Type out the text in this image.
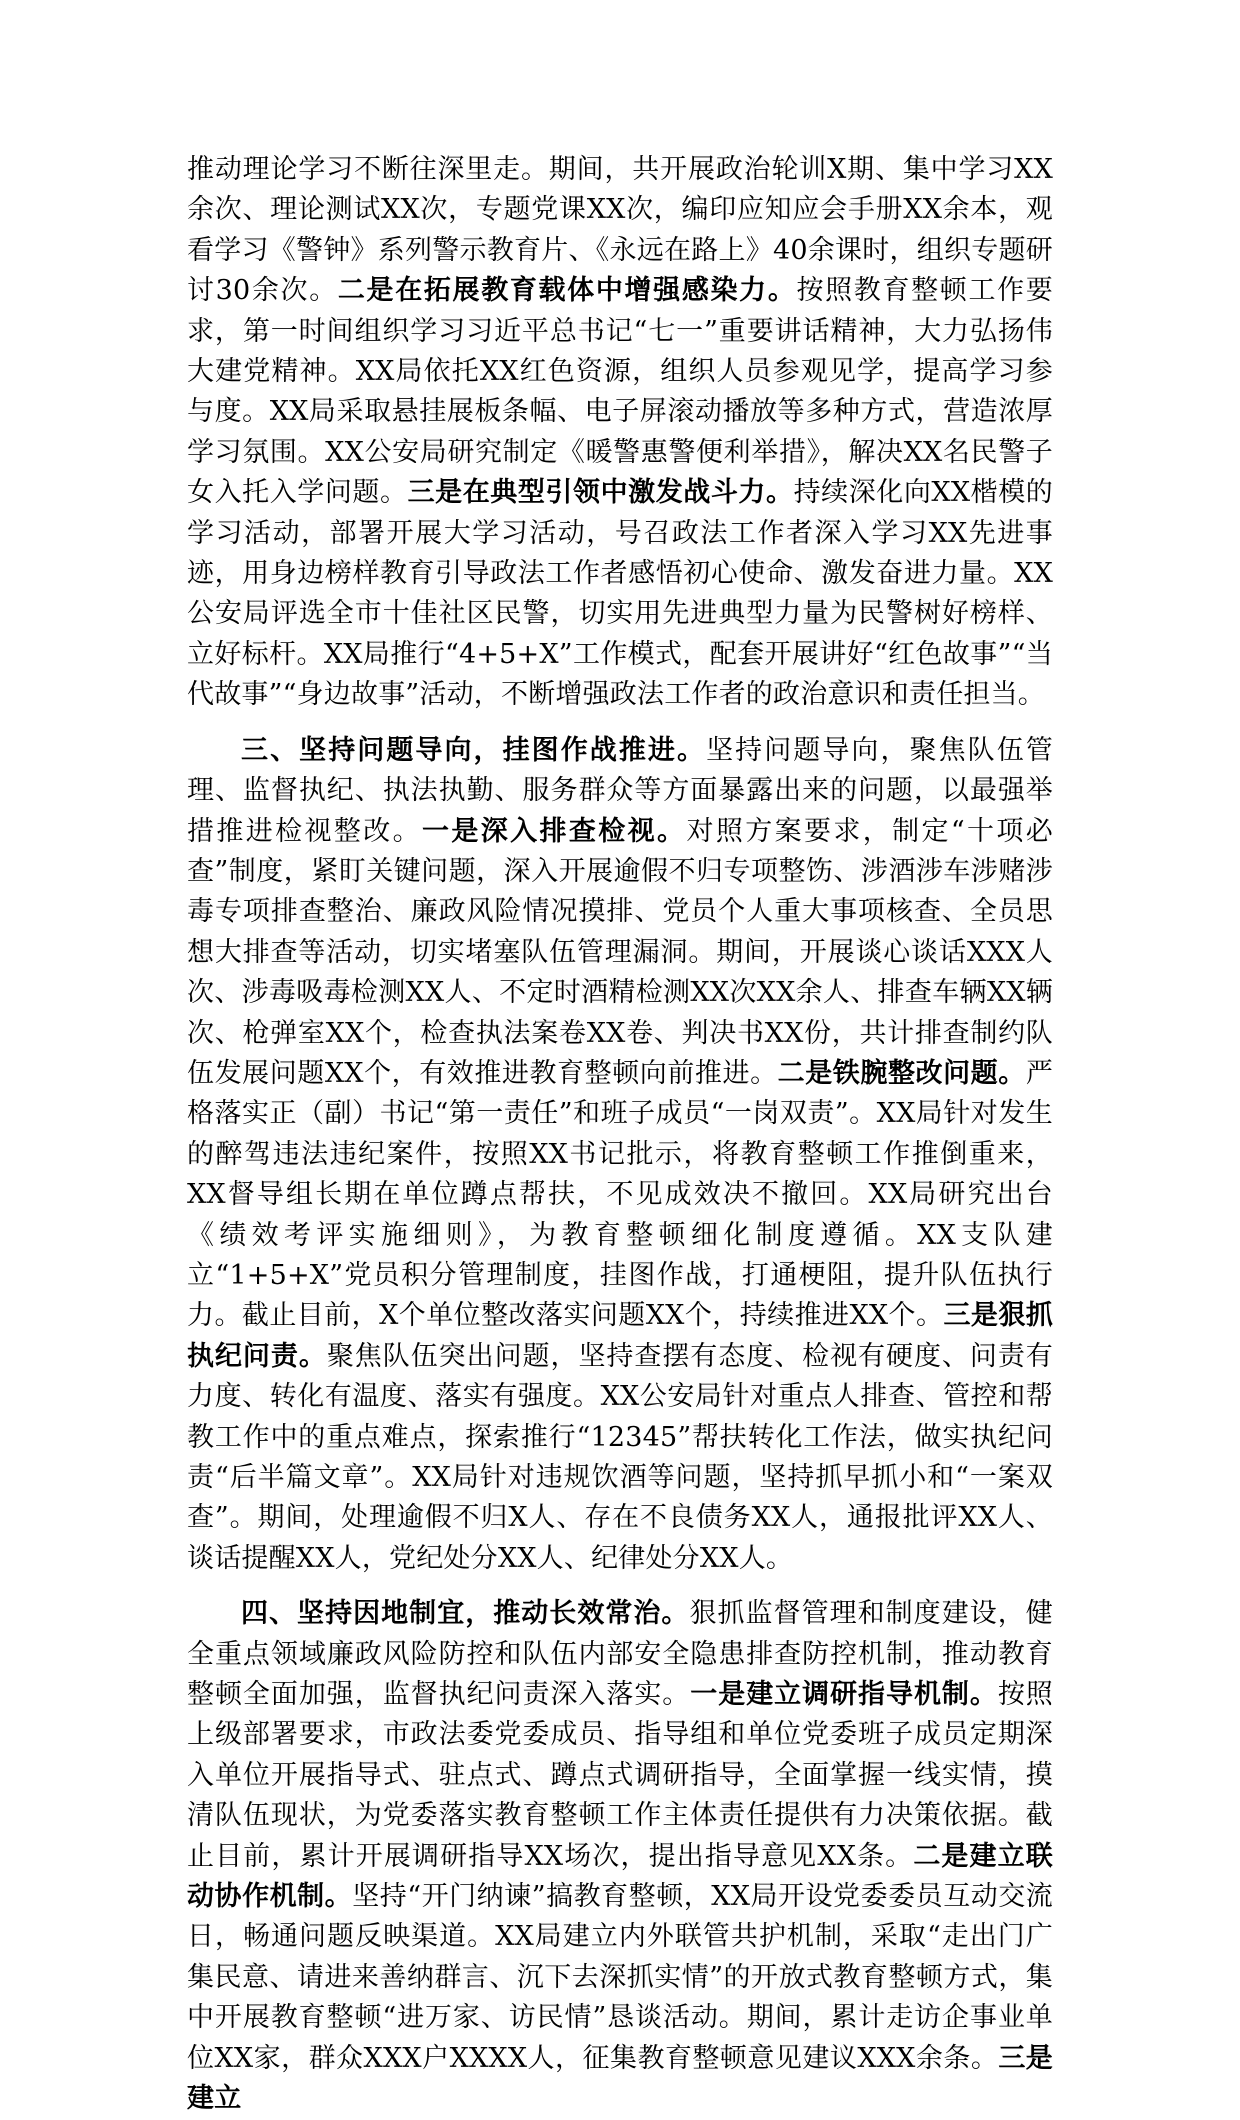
推动理论学习不断往深里走。期间，共开展政治轮训X期、集中学习XX余次、理论测试XX次，专题党课XX次，编印应知应会手册XX余本，观看学习《警钟》系列警示教育片、《永远在路上》40余课时，组织专题研讨30余次。二是在拓展教育载体中增强感染力。按照教育整顿工作要求，第一时间组织学习习近平总书记“七一”重要讲话精神，大力弘扬伟大建党精神。XX局依托XX红色资源，组织人员参观见学，提高学习参与度。XX局采取悬挂展板条幅、电子屏滚动播放等多种方式，营造浓厚学习氛围。XX公安局研究制定《暖警惠警便利举措》，解决XX名民警子女入托入学问题。三是在典型引领中激发战斗力。持续深化向XX楷模的学习活动，部署开展大学习活动，号召政法工作者深入学习XX先进事迹，用身边榜样教育引导政法工作者感悟初心使命、激发奋进力量。XX公安局评选全市十佳社区民警，切实用先进典型力量为民警树好榜样、立好标杆。XX局推行“4+5+X”工作模式，配套开展讲好“红色故事”“当代故事”“身边故事”活动，不断增强政法工作者的政治意识和责任担当。

三、坚持问题导向，挂图作战推进。坚持问题导向，聚焦队伍管理、监督执纪、执法执勤、服务群众等方面暴露出来的问题，以最强举措推进检视整改。一是深入排查检视。对照方案要求，制定“十项必查”制度，紧盯关键问题，深入开展逾假不归专项整饬、涉酒涉车涉赌涉毒专项排查整治、廉政风险情况摸排、党员个人重大事项核查、全员思想大排查等活动，切实堵塞队伍管理漏洞。期间，开展谈心谈话XXX人次、涉毒吸毒检测XX人、不定时酒精检测XX次XX余人、排查车辆XX辆次、枪弹室XX个，检查执法案卷XX卷、判决书XX份，共计排查制约队伍发展问题XX个，有效推进教育整顿向前推进。二是铁腕整改问题。严格落实正（副）书记“第一责任”和班子成员“一岗双责”。XX局针对发生的醉驾违法违纪案件，按照XX书记批示，将教育整顿工作推倒重来，XX督导组长期在单位蹲点帮扶，不见成效决不撤回。XX局研究出台《绩效考评实施细则》，为教育整顿细化制度遵循。XX支队建立“1+5+X”党员积分管理制度，挂图作战，打通梗阻，提升队伍执行力。截止目前，X个单位整改落实问题XX个，持续推进XX个。三是狠抓执纪问责。聚焦队伍突出问题，坚持查摆有态度、检视有硬度、问责有力度、转化有温度、落实有强度。XX公安局针对重点人排查、管控和帮教工作中的重点难点，探索推行“12345”帮扶转化工作法，做实执纪问责“后半篇文章”。XX局针对违规饮酒等问题，坚持抓早抓小和“一案双查”。期间，处理逾假不归X人、存在不良债务XX人，通报批评XX人、谈话提醒XX人，党纪处分XX人、纪律处分XX人。

四、坚持因地制宜，推动长效常治。狠抓监督管理和制度建设，健全重点领域廉政风险防控和队伍内部安全隐患排查防控机制，推动教育整顿全面加强，监督执纪问责深入落实。一是建立调研指导机制。按照上级部署要求，市政法委党委成员、指导组和单位党委班子成员定期深入单位开展指导式、驻点式、蹲点式调研指导，全面掌握一线实情，摸清队伍现状，为党委落实教育整顿工作主体责任提供有力决策依据。截止目前，累计开展调研指导XX场次，提出指导意见XX条。二是建立联动协作机制。坚持“开门纳谏”搞教育整顿，XX局开设党委委员互动交流日，畅通问题反映渠道。XX局建立内外联管共护机制，采取“走出门广集民意、请进来善纳群言、沉下去深抓实情”的开放式教育整顿方式，集中开展教育整顿“进万家、访民情”恳谈活动。期间，累计走访企事业单位XX家，群众XXX户XXXX人，征集教育整顿意见建议XXX余条。三是建立
